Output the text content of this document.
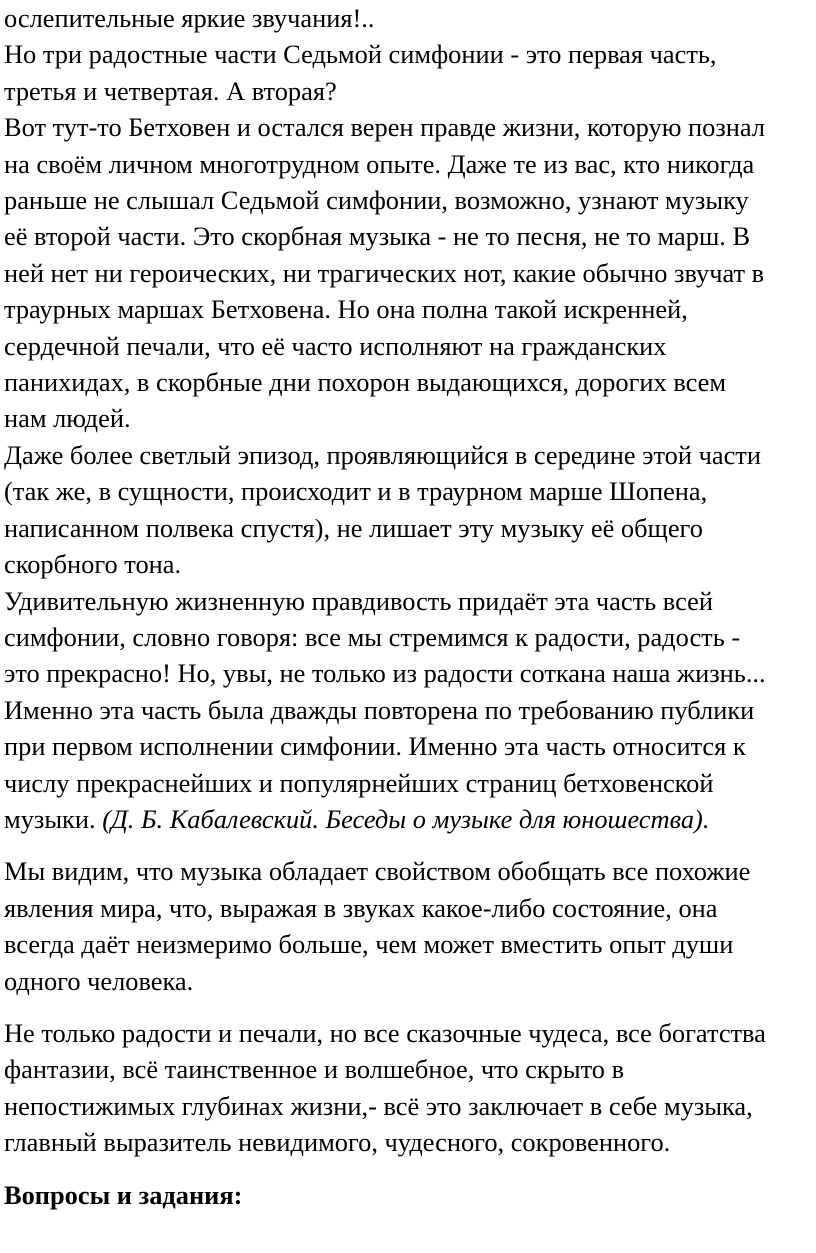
ослепительные яркие звучания!..
Но три радостные части Седьмой симфонии - это первая часть,
третья и четвертая. А вторая?
Вот тут-то Бетховен и остался верен правде жизни, которую познал
на своём личном многотрудном опыте. Даже те из вас, кто никогда
раньше не слышал Седьмой симфонии, возможно, узнают музыку
её второй части. Это скорбная музыка - не то песня, не то марш. В
ней нет ни героических, ни трагических нот, какие обычно звучат в
траурных маршах Бетховена. Но она полна такой искренней,
сердечной печали, что её часто исполняют на гражданских
панихидах, в скорбные дни похорон выдающихся, дорогих всем
нам людей.
Даже более светлый эпизод, проявляющийся в середине этой части
(так же, в сущности, происходит и в траурном марше Шопена,
написанном полвека спустя), не лишает эту музыку её общего
скорбного тона.
Удивительную жизненную правдивость придаёт эта часть всей
симфонии, словно говоря: все мы стремимся к радости, радость -
это прекрасно! Но, увы, не только из радости соткана наша жизнь...
Именно эта часть была дважды повторена по требованию публики
при первом исполнении симфонии. Именно эта часть относится к
числу прекраснейших и популярнейших страниц бетховенской
музыки. (Д. Б. Кабалевский. Беседы о музыке для юношества).
Мы видим, что музыка обладает свойством обобщать все похожие
явления мира, что, выражая в звуках какое-либо состояние, она
всегда даёт неизмеримо больше, чем может вместить опыт души
одного человека.
Не только радости и печали, но все сказочные чудеса, все богатства
фантазии, всё таинственное и волшебное, что скрыто в
непостижимых глубинах жизни,- всё это заключает в себе музыка,
главный выразитель невидимого, чудесного, сокровенного.
Вопросы и задания:
